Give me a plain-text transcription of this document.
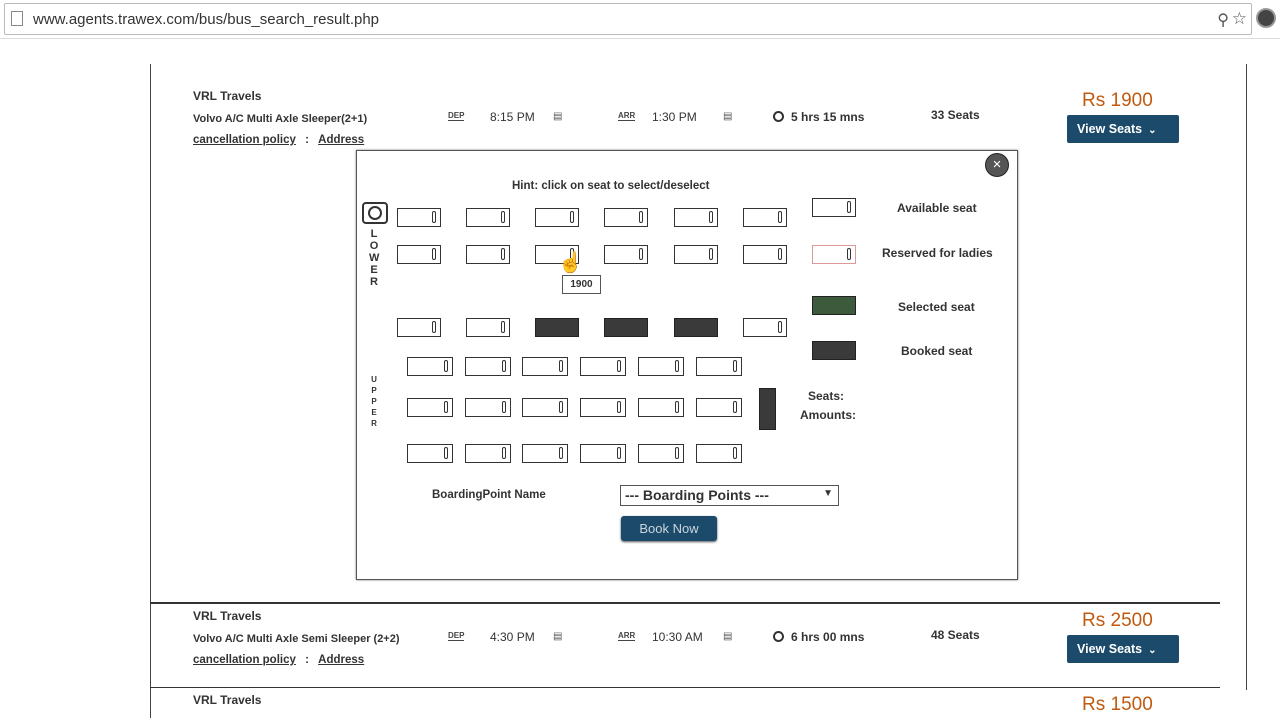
www.agents.trawex.com/bus/bus_search_result.php	⚲ ☆
VRL Travels
Volvo A/C Multi Axle Sleeper(2+1)
cancellation policy : Address
DEP 8:15 PM ▤	ARR 1:30 PM	▤	5 hrs 15 mns	33 Seats
Rs 1900
View Seats ⌄
VRL Travels
Volvo A/C Multi Axle Semi Sleeper (2+2)
cancellation policy : Address
DEP 4:30 PM ▤	ARR 10:30 AM ▤	6 hrs 00 mns	48 Seats
Rs 2500
View Seats ⌄
VRL Travels	Rs 1500
×
Hint: click on seat to select/deselect
LOWER
UPPER
1900
☝
Available seat
Reserved for ladies
Selected seat
Booked seat
Seats:
Amounts:
BoardingPoint Name	--- Boarding Points ---	▼
Book Now
